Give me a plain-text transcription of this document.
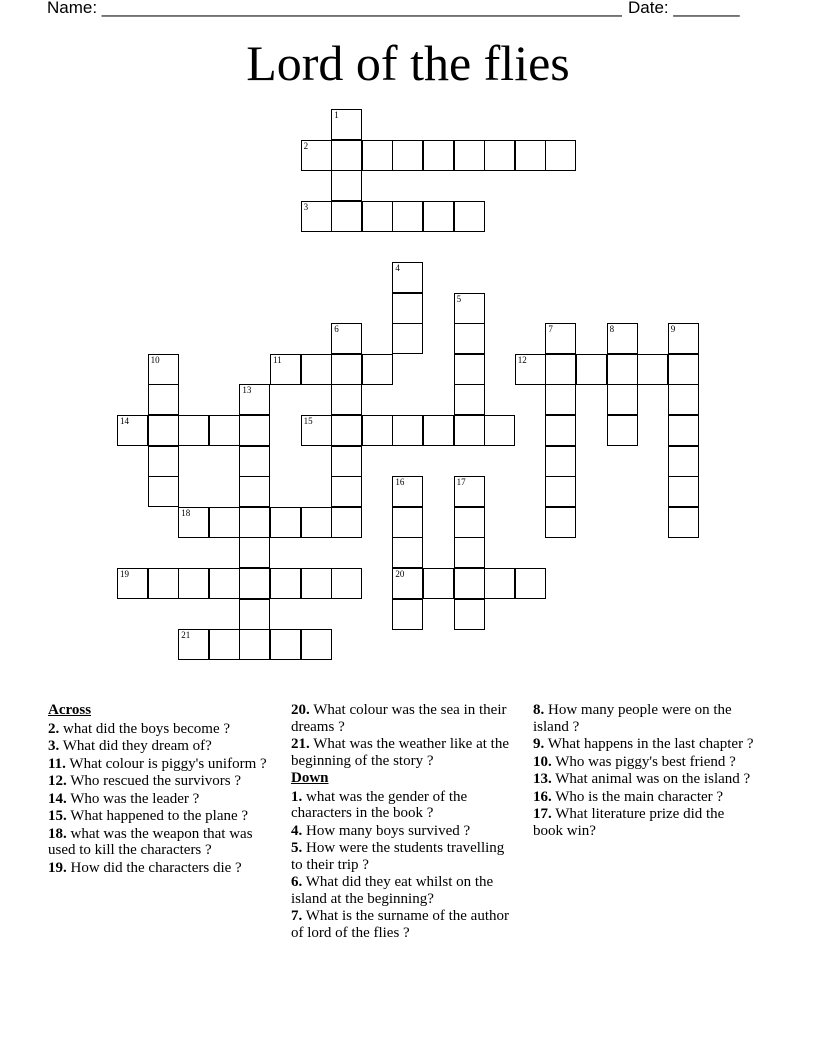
Name: _______________________________________________________ Date: _______
Lord of the flies
1
2
3
4
5
6	7	8	9
10	11	12
13
14	15
16	17
18
19	20
21
Across
2. what did the boys become ?
3. What did they dream of?
11. What colour is piggy's uniform ?
12. Who rescued the survivors ?
14. Who was the leader ?
15. What happened to the plane ?
18. what was the weapon that was used to kill the characters ?
19. How did the characters die ?
20. What colour was the sea in their dreams ?
21. What was the weather like at the beginning of the story ?
Down
1. what was the gender of the characters in the book ?
4. How many boys survived ?
5. How were the students travelling to their trip ?
6. What did they eat whilst on the island at the beginning?
7. What is the surname of the author of lord of the flies ?
8. How many people were on the island ?
9. What happens in the last chapter ?
10. Who was piggy's best friend ?
13. What animal was on the island ?
16. Who is the main character ?
17. What literature prize did the book win?
